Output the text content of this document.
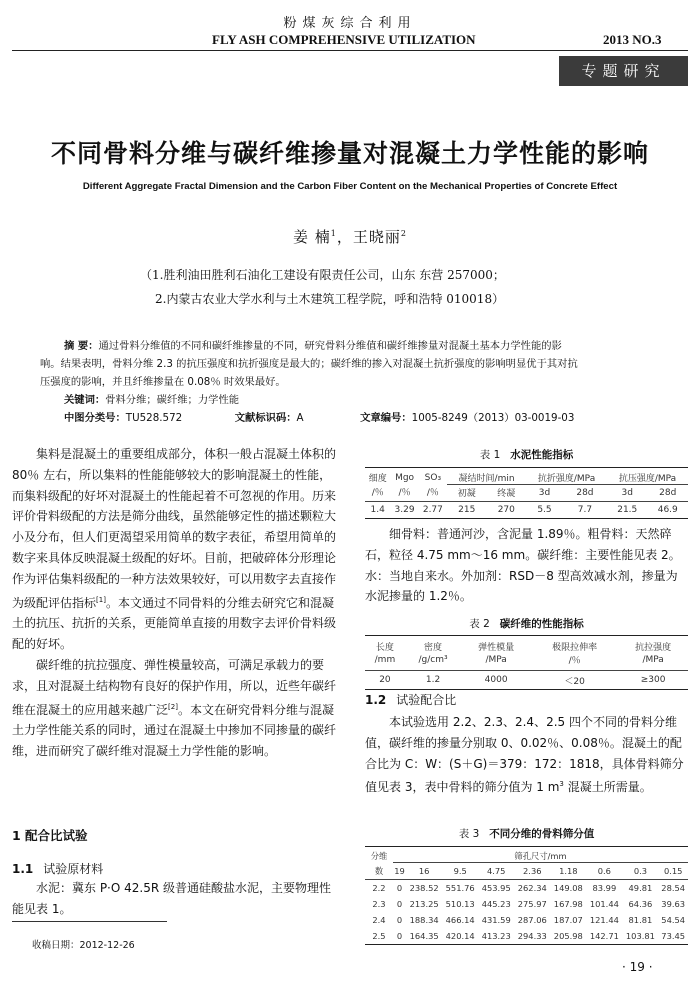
粉煤灰综合利用
FLY ASH COMPREHENSIVE UTILIZATION	2013 NO.3
专题研究
不同骨料分维与碳纤维掺量对混凝土力学性能的影响
Different Aggregate Fractal Dimension and the Carbon Fiber Content on the Mechanical Properties of Concrete Effect
姜 楠$^1$，王晓丽$^2$
（1.胜利油田胜利石油化工建设有限责任公司，山东 东营 257000；
2.内蒙古农业大学水利与土木建筑工程学院，呼和浩特 010018）
摘 要：通过骨料分维值的不同和碳纤维掺量的不同，研究骨料分维值和碳纤维掺量对混凝土基本力学性能的影
响。结果表明，骨料分维 2.3 的抗压强度和抗折强度是最大的；碳纤维的掺入对混凝土抗折强度的影响明显优于其对抗
压强度的影响，并且纤维掺量在 0.08％ 时效果最好。
关键词：骨料分维；碳纤维；力学性能
中图分类号：TU528.572	文献标识码：A	文章编号：1005-8249（2013）03-0019-03

集料是混凝土的重要组成部分，体积一般占混凝土体积的 80％ 左右，所以集料的性能能够较大的影响混凝土的性能，而集料级配的好坏对混凝土的性能起着不可忽视的作用。历来评价骨料级配的方法是筛分曲线，虽然能够定性的描述颗粒大小及分布，但人们更渴望采用简单的数字表征，希望用简单的数字来具体反映混凝土级配的好坏。目前，把破碎体分形理论作为评估集料级配的一种方法效果较好，可以用数字去直接作为级配评估指标[1]。本文通过不同骨料的分维去研究它和混凝土的抗压、抗折的关系，更能简单直接的用数字去评价骨料级配的好坏。

碳纤维的抗拉强度、弹性模量较高，可满足承载力的要求，且对混凝土结构物有良好的保护作用，所以，近些年碳纤维在混凝土的应用越来越广泛[2]。本文在研究骨料分维与混凝土力学性能关系的同时，通过在混凝土中掺加不同掺量的碳纤维，进而研究了碳纤维对混凝土力学性能的影响。

1 配合比试验
1.1 试验原材料

水泥：冀东 P·O 42.5R 级普通硅酸盐水泥，主要物理性能见表 1。

收稿日期：2012-12-26
表 1 水泥性能指标
细度	Mgo	SO₃	凝结时间/min		抗折强度/MPa		抗压强度/MPa	
/％	/％	/％	初凝	终凝	3d	28d	3d	28d
1.4	3.29	2.77	215	270	5.5	7.7	21.5	46.9

细骨料：普通河沙，含泥量 1.89％。粗骨料：天然碎石，粒径 4.75 mm～16 mm。碳纤维：主要性能见表 2。水：当地自来水。外加剂：RSD－8 型高效减水剂，掺量为水泥掺量的 1.2％。

表 2 碳纤维的性能指标
长度	密度	弹性模量	极限拉伸率	抗拉强度
/mm	/g/cm³	/MPa	/％	/MPa
20	1.2	4000	＜20	≥300
1.2 试验配合比

本试验选用 2.2、2.3、2.4、2.5 四个不同的骨料分维值，碳纤维的掺量分别取 0、0.02％、0.08％。混凝土的配合比为 C：W：(S＋G)＝379：172：1818，具体骨料筛分值见表 3，表中骨料的筛分值为 1 $m^3$ 混凝土所需量。

表 3 不同分维的骨料筛分值
分维	筛孔尺寸/mm									
数	19	16	9.5	4.75	2.36	1.18	0.6	0.3	0.15	
2.2	0	238.52	551.76	453.95	262.34	149.08	83.99	49.81	28.54	
2.3	0	213.25	510.13	445.23	275.97	167.98	101.44	64.36	39.63	
2.4	0	188.34	466.14	431.59	287.06	187.07	121.44	81.81	54.54	
2.5	0	164.35	420.14	413.23	294.33	205.98	142.71	103.81	73.45	
· 19 ·
